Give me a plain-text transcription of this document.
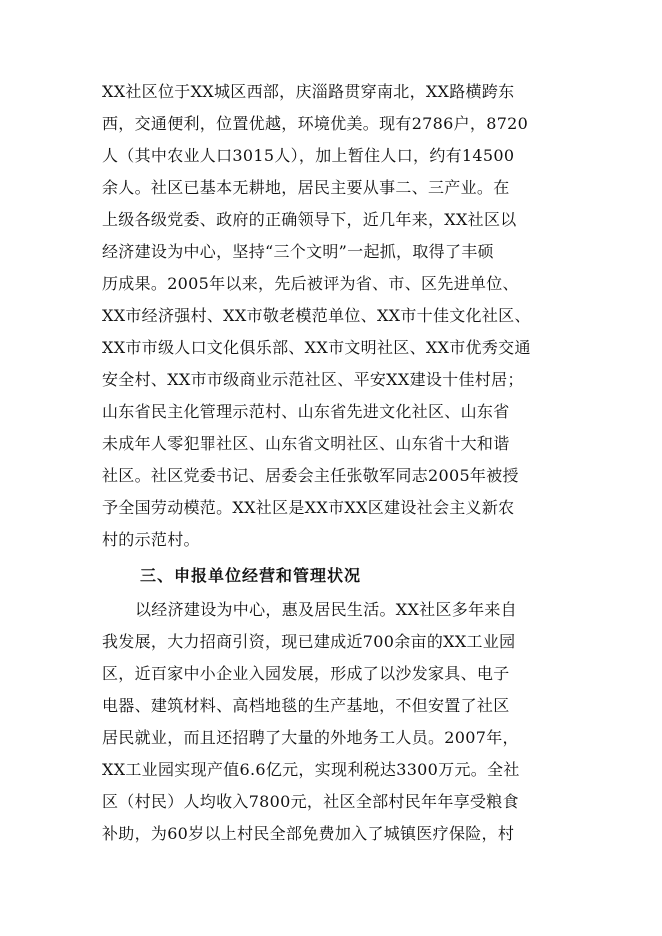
XX社区位于XX城区西部，庆淄路贯穿南北，XX路横跨东
西，交通便利，位置优越，环境优美。现有2786户，8720
人（其中农业人口3015人），加上暂住人口，约有14500
余人。社区已基本无耕地，居民主要从事二、三产业。在
上级各级党委、政府的正确领导下，近几年来，XX社区以
经济建设为中心，坚持“三个文明”一起抓，取得了丰硕
历成果。2005年以来，先后被评为省、市、区先进单位、
XX市经济强村、XX市敬老模范单位、XX市十佳文化社区、
XX市市级人口文化俱乐部、XX市文明社区、XX市优秀交通
安全村、XX市市级商业示范社区、平安XX建设十佳村居；
山东省民主化管理示范村、山东省先进文化社区、山东省
未成年人零犯罪社区、山东省文明社区、山东省十大和谐
社区。社区党委书记、居委会主任张敬军同志2005年被授
予全国劳动模范。XX社区是XX市XX区建设社会主义新农
村的示范村。
三、申报单位经营和管理状况
以经济建设为中心，惠及居民生活。XX社区多年来自
我发展，大力招商引资，现已建成近700余亩的XX工业园
区，近百家中小企业入园发展，形成了以沙发家具、电子
电器、建筑材料、高档地毯的生产基地，不但安置了社区
居民就业，而且还招聘了大量的外地务工人员。2007年，
XX工业园实现产值6.6亿元，实现利税达3300万元。全社
区（村民）人均收入7800元，社区全部村民年年享受粮食
补助，为60岁以上村民全部免费加入了城镇医疗保险，村
